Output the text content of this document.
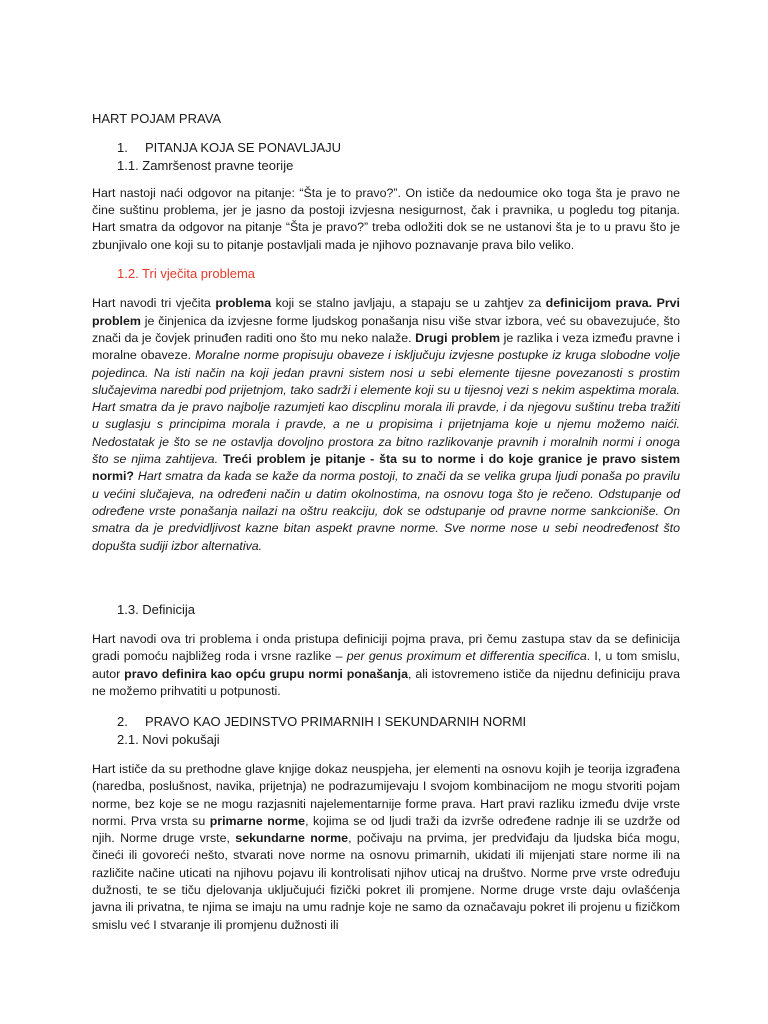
HART POJAM PRAVA
1. PITANJA KOJA SE PONAVLJAJU
1.1. Zamršenost pravne teorije

Hart nastoji naći odgovor na pitanje: “Šta je to pravo?”. On ističe da nedoumice oko toga šta je pravo ne čine suštinu problema, jer je jasno da postoji izvjesna nesigurnost, čak i pravnika, u pogledu tog pitanja. Hart smatra da odgovor na pitanje “Šta je pravo?” treba odložiti dok se ne ustanovi šta je to u pravu što je zbunjivalo one koji su to pitanje postavljali mada je njihovo poznavanje prava bilo veliko.

1.2. Tri vječita problema

Hart navodi tri vječita problema koji se stalno javljaju, a stapaju se u zahtjev za definicijom prava. Prvi problem je činjenica da izvjesne forme ljudskog ponašanja nisu više stvar izbora, već su obavezujuće, što znači da je čovjek prinuđen raditi ono što mu neko nalaže. Drugi problem je razlika i veza između pravne i moralne obaveze. Moralne norme propisuju obaveze i isključuju izvjesne postupke iz kruga slobodne volje pojedinca. Na isti način na koji jedan pravni sistem nosi u sebi elemente tijesne povezanosti s prostim slučajevima naredbi pod prijetnjom, tako sadrži i elemente koji su u tijesnoj vezi s nekim aspektima morala. Hart smatra da je pravo najbolje razumjeti kao discplinu morala ili pravde, i da njegovu suštinu treba tražiti u suglasju s principima morala i pravde, a ne u propisima i prijetnjama koje u njemu možemo naići. Nedostatak je što se ne ostavlja dovoljno prostora za bitno razlikovanje pravnih i moralnih normi i onoga što se njima zahtijeva. Treći problem je pitanje - šta su to norme i do koje granice je pravo sistem normi? Hart smatra da kada se kaže da norma postoji, to znači da se velika grupa ljudi ponaša po pravilu u većini slučajeva, na određeni način u datim okolnostima, na osnovu toga što je rečeno. Odstupanje od određene vrste ponašanja nailazi na oštru reakciju, dok se odstupanje od pravne norme sankcioniše. On smatra da je predvidljivost kazne bitan aspekt pravne norme. Sve norme nose u sebi neodređenost što dopušta sudiji izbor alternativa.

1.3. Definicija

Hart navodi ova tri problema i onda pristupa definiciji pojma prava, pri čemu zastupa stav da se definicija gradi pomoću najbližeg roda i vrsne razlike – per genus proximum et differentia specifica. I, u tom smislu, autor pravo definira kao opću grupu normi ponašanja, ali istovremeno ističe da nijednu definiciju prava ne možemo prihvatiti u potpunosti.

2. PRAVO KAO JEDINSTVO PRIMARNIH I SEKUNDARNIH NORMI
2.1. Novi pokušaji

Hart ističe da su prethodne glave knjige dokaz neuspjeha, jer elementi na osnovu kojih je teorija izgrađena (naredba, poslušnost, navika, prijetnja) ne podrazumijevaju I svojom kombinacijom ne mogu stvoriti pojam norme, bez koje se ne mogu razjasniti najelementarnije forme prava. Hart pravi razliku između dvije vrste normi. Prva vrsta su primarne norme, kojima se od ljudi traži da izvrše određene radnje ili se uzdrže od njih. Norme druge vrste, sekundarne norme, počivaju na prvima, jer predviđaju da ljudska bića mogu, čineći ili govoreći nešto, stvarati nove norme na osnovu primarnih, ukidati ili mijenjati stare norme ili na različite načine uticati na njihovu pojavu ili kontrolisati njihov uticaj na društvo. Norme prve vrste određuju dužnosti, te se tiču djelovanja uključujući fizički pokret ili promjene. Norme druge vrste daju ovlašćenja javna ili privatna, te njima se imaju na umu radnje koje ne samo da označavaju pokret ili projenu u fizičkom smislu već I stvaranje ili promjenu dužnosti ili
